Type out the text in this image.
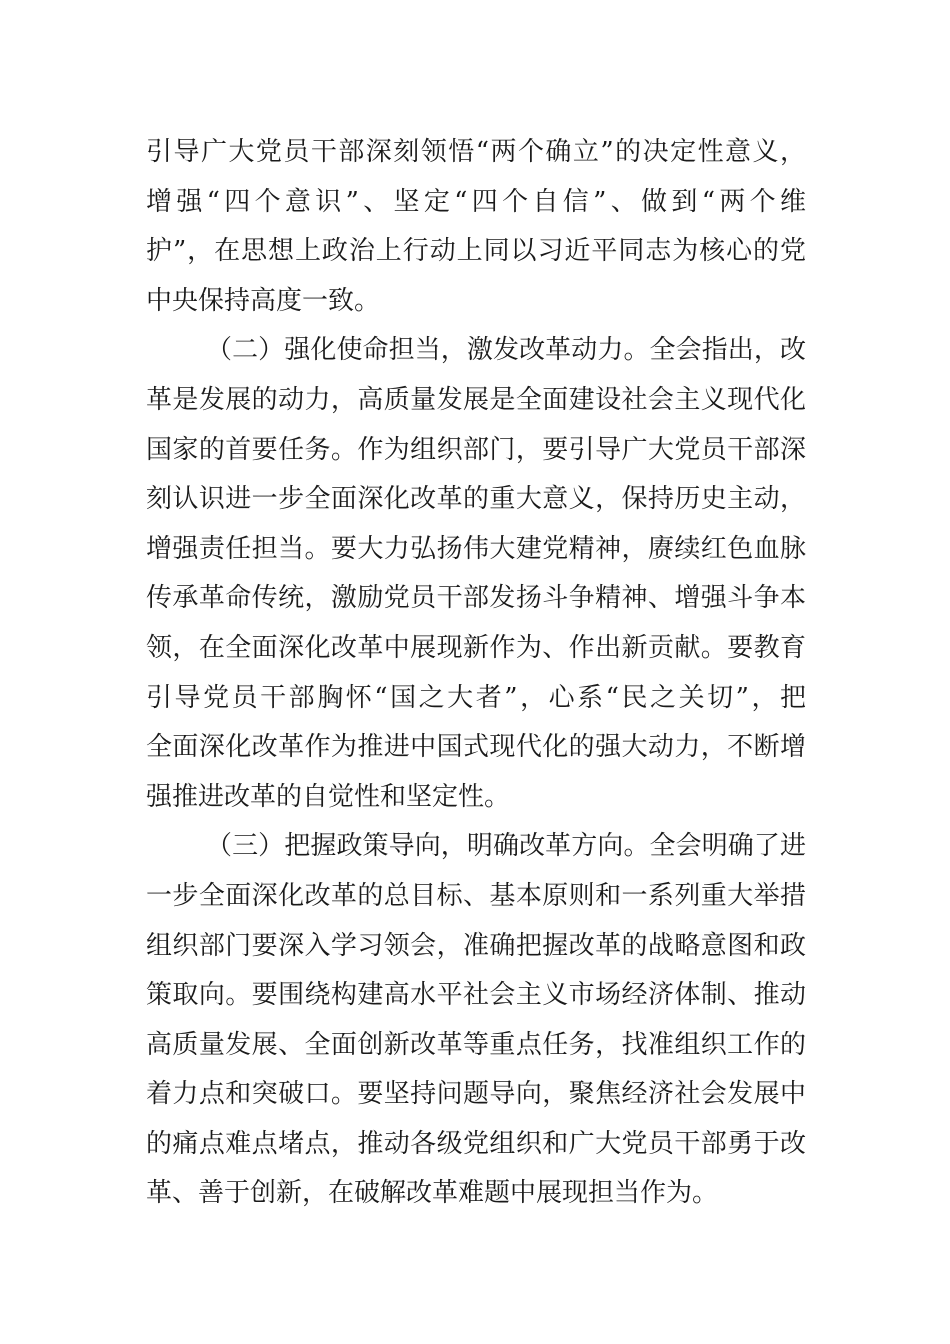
引导广大党员干部深刻领悟“两个确立”的决定性意义，
增强“四个意识”、坚定“四个自信”、做到“两个维
护”，在思想上政治上行动上同以习近平同志为核心的党
中央保持高度一致。
（二）强化使命担当，激发改革动力。全会指出，改
革是发展的动力，高质量发展是全面建设社会主义现代化
国家的首要任务。作为组织部门，要引导广大党员干部深
刻认识进一步全面深化改革的重大意义，保持历史主动，
增强责任担当。要大力弘扬伟大建党精神，赓续红色血脉
传承革命传统，激励党员干部发扬斗争精神、增强斗争本
领，在全面深化改革中展现新作为、作出新贡献。要教育
引导党员干部胸怀“国之大者”，心系“民之关切”，把
全面深化改革作为推进中国式现代化的强大动力，不断增
强推进改革的自觉性和坚定性。
（三）把握政策导向，明确改革方向。全会明确了进
一步全面深化改革的总目标、基本原则和一系列重大举措
组织部门要深入学习领会，准确把握改革的战略意图和政
策取向。要围绕构建高水平社会主义市场经济体制、推动
高质量发展、全面创新改革等重点任务，找准组织工作的
着力点和突破口。要坚持问题导向，聚焦经济社会发展中
的痛点难点堵点，推动各级党组织和广大党员干部勇于改
革、善于创新，在破解改革难题中展现担当作为。
